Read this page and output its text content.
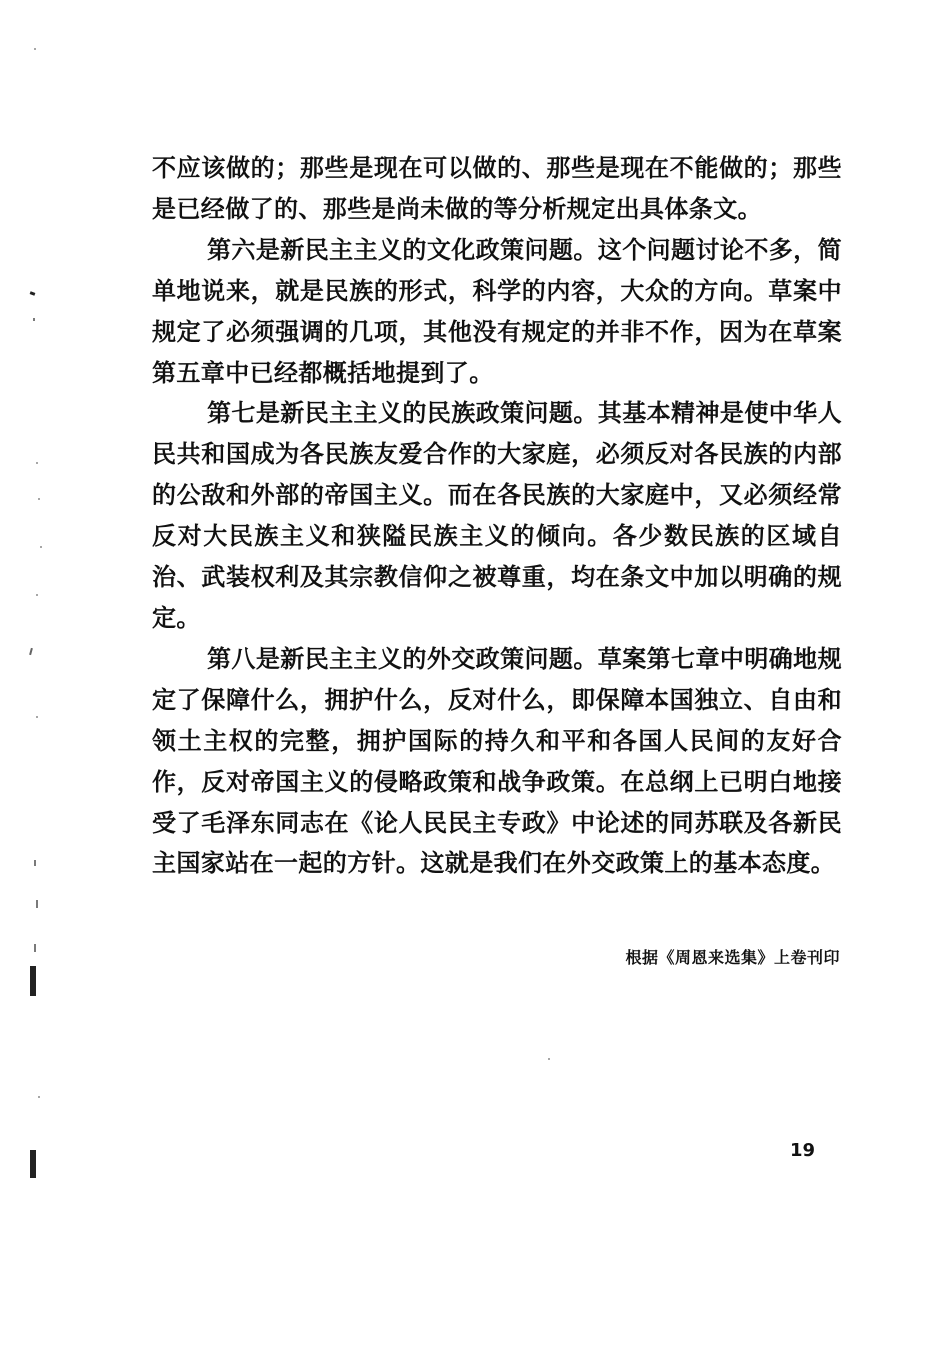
不应该做的；那些是现在可以做的、那些是现在不能做的；那些是已经做了的、那些是尚未做的等分析规定出具体条文。

第六是新民主主义的文化政策问题。这个问题讨论不多，简单地说来，就是民族的形式，科学的内容，大众的方向。草案中规定了必须强调的几项，其他没有规定的并非不作，因为在草案第五章中已经都概括地提到了。

第七是新民主主义的民族政策问题。其基本精神是使中华人民共和国成为各民族友爱合作的大家庭，必须反对各民族的内部的公敌和外部的帝国主义。而在各民族的大家庭中，又必须经常反对大民族主义和狭隘民族主义的倾向。各少数民族的区域自治、武装权利及其宗教信仰之被尊重，均在条文中加以明确的规定。

第八是新民主主义的外交政策问题。草案第七章中明确地规定了保障什么，拥护什么，反对什么，即保障本国独立、自由和领土主权的完整，拥护国际的持久和平和各国人民间的友好合作，反对帝国主义的侵略政策和战争政策。在总纲上已明白地接受了毛泽东同志在《论人民民主专政》中论述的同苏联及各新民主国家站在一起的方针。这就是我们在外交政策上的基本态度。

根据《周恩来选集》上卷刊印
19
